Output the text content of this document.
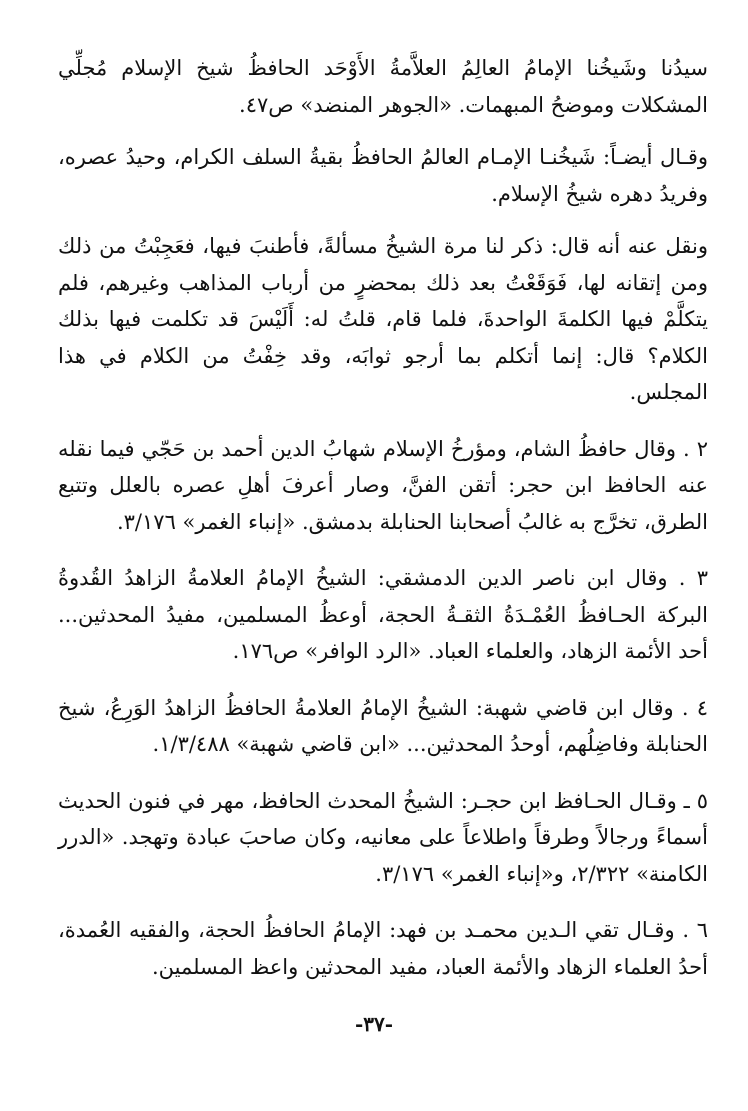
سيدُنا وشَيخُنا الإمامُ العالِمُ العلاَّمةُ الأَوْحَد الحافظُ شيخ الإسلام مُجلِّي المشكلات وموضحُ المبهمات. «الجوهر المنضد» ص٤٧.

وقـال أيضـاً: شَيخُنـا الإمـام العالمُ الحافظُ بقيةُ السلف الكرام، وحيدُ عصره، وفريدُ دهره شيخُ الإسلام.

ونقل عنه أنه قال: ذكر لنا مرة الشيخُ مسألةً، فأطنبَ فيها، فعَجِبْتُ من ذلك ومن إتقانه لها، فَوَقَعْتُ بعد ذلك بمحضرٍ من أرباب المذاهب وغيرهم، فلم يتكلَّمْ فيها الكلمةَ الواحدةَ، فلما قام، قلتُ له: أَلَيْسَ قد تكلمت فيها بذلك الكلام؟ قال: إنما أتكلم بما أرجو ثوابَه، وقد خِفْتُ من الكلام في هذا المجلس.

٢ . وقال حافظُ الشام، ومؤرخُ الإسلام شهابُ الدين أحمد بن حَجّي فيما نقله عنه الحافظ ابن حجر: أتقن الفنَّ، وصار أعرفَ أهلِ عصره بالعلل وتتبع الطرق، تخرَّج به غالبُ أصحابنا الحنابلة بدمشق. «إنباء الغمر» ٣/١٧٦.

٣ . وقال ابن ناصر الدين الدمشقي: الشيخُ الإمامُ العلامةُ الزاهدُ القُدوةُ البركة الحـافظُ العُمْـدَةُ الثقـةُ الحجة، أوعظُ المسلمين، مفيدُ المحدثين... أحد الأئمة الزهاد، والعلماء العباد. «الرد الوافر» ص١٧٦.

٤ . وقال ابن قاضي شهبة: الشيخُ الإمامُ العلامةُ الحافظُ الزاهدُ الوَرِعُ، شيخ الحنابلة وفاضِلُهم، أوحدُ المحدثين... «ابن قاضي شهبة» ١/٣/٤٨٨.

٥ ـ وقـال الحـافظ ابن حجـر: الشيخُ المحدث الحافظ، مهر في فنون الحديث أسماءً ورجالاً وطرقاً واطلاعاً على معانيه، وكان صاحبَ عبادة وتهجد. «الدرر الكامنة» ٢/٣٢٢، و«إنباء الغمر» ٣/١٧٦.

٦ . وقـال تقي الـدين محمـد بن فهد: الإمامُ الحافظُ الحجة، والفقيه العُمدة، أحدُ العلماء الزهاد والأئمة العباد، مفيد المحدثين واعظ المسلمين.

-٣٧-
